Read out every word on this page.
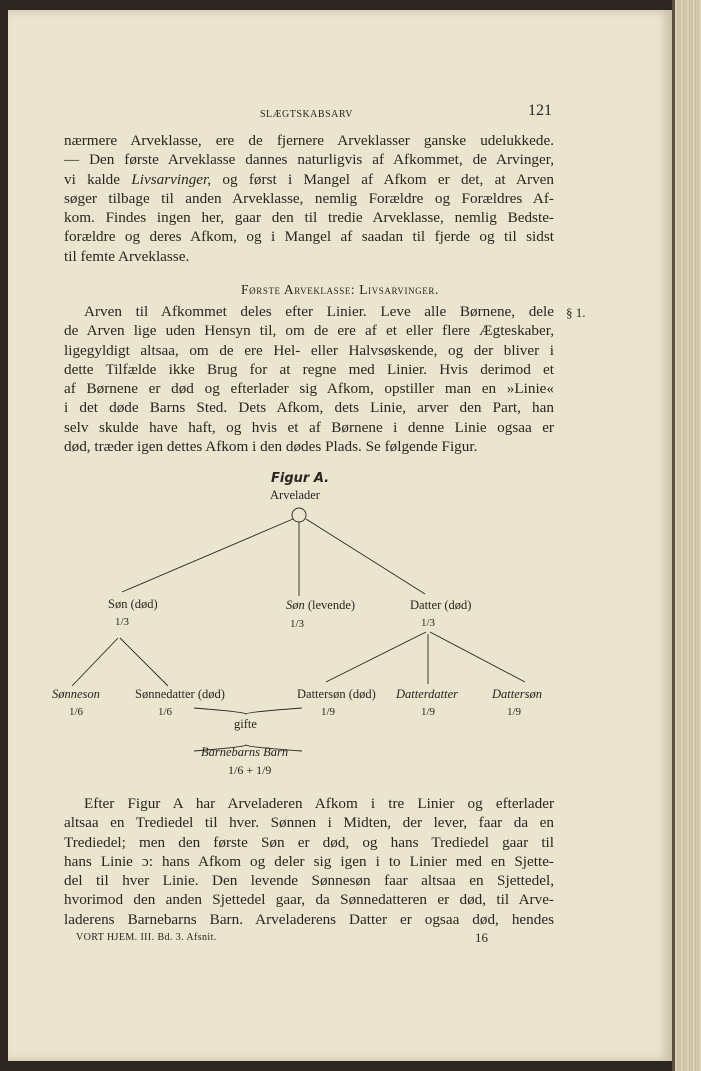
SLÆGTSKABSARV	121
nærmere Arveklasse, ere de fjernere Arveklasser ganske udelukkede.
— Den første Arveklasse dannes naturligvis af Afkommet, de Arvinger,
vi kalde Livsarvinger, og først i Mangel af Afkom er det, at Arven
søger tilbage til anden Arveklasse, nemlig Forældre og Forældres Af-
kom. Findes ingen her, gaar den til tredie Arveklasse, nemlig Bedste-
forældre og deres Afkom, og i Mangel af saadan til fjerde og til sidst
til femte Arveklasse.
Første Arveklasse: Livsarvinger.
§ 1.
Arven til Afkommet deles efter Linier. Leve alle Børnene, dele
de Arven lige uden Hensyn til, om de ere af et eller flere Ægteskaber,
ligegyldigt altsaa, om de ere Hel- eller Halvsøskende, og der bliver i
dette Tilfælde ikke Brug for at regne med Linier. Hvis derimod et
af Børnene er død og efterlader sig Afkom, opstiller man en »Linie«
i det døde Barns Sted. Dets Afkom, dets Linie, arver den Part, han
selv skulde have haft, og hvis et af Børnene i denne Linie ogsaa er
død, træder igen dettes Afkom i den dødes Plads. Se følgende Figur.
Figur A.
Arvelader
Søn (død)
1/3
Søn (levende)
1/3
Datter (død)
1/3
Sønneson
1/6
Sønnedatter (død)
1/6
Dattersøn (død)
1/9
Datterdatter
1/9
Dattersøn
1/9
gifte
Barnebarns Barn
1/6 + 1/9
Efter Figur A har Arveladeren Afkom i tre Linier og efterlader
altsaa en Trediedel til hver. Sønnen i Midten, der lever, faar da en
Trediedel; men den første Søn er død, og hans Trediedel gaar til
hans Linie ɔ: hans Afkom og deler sig igen i to Linier med en Sjette-
del til hver Linie. Den levende Sønnesøn faar altsaa en Sjettedel,
hvorimod den anden Sjettedel gaar, da Sønnedatteren er død, til Arve-
laderens Barnebarns Barn. Arveladerens Datter er ogsaa død, hendes
VORT HJEM. III. Bd. 3. Afsnit.	16
